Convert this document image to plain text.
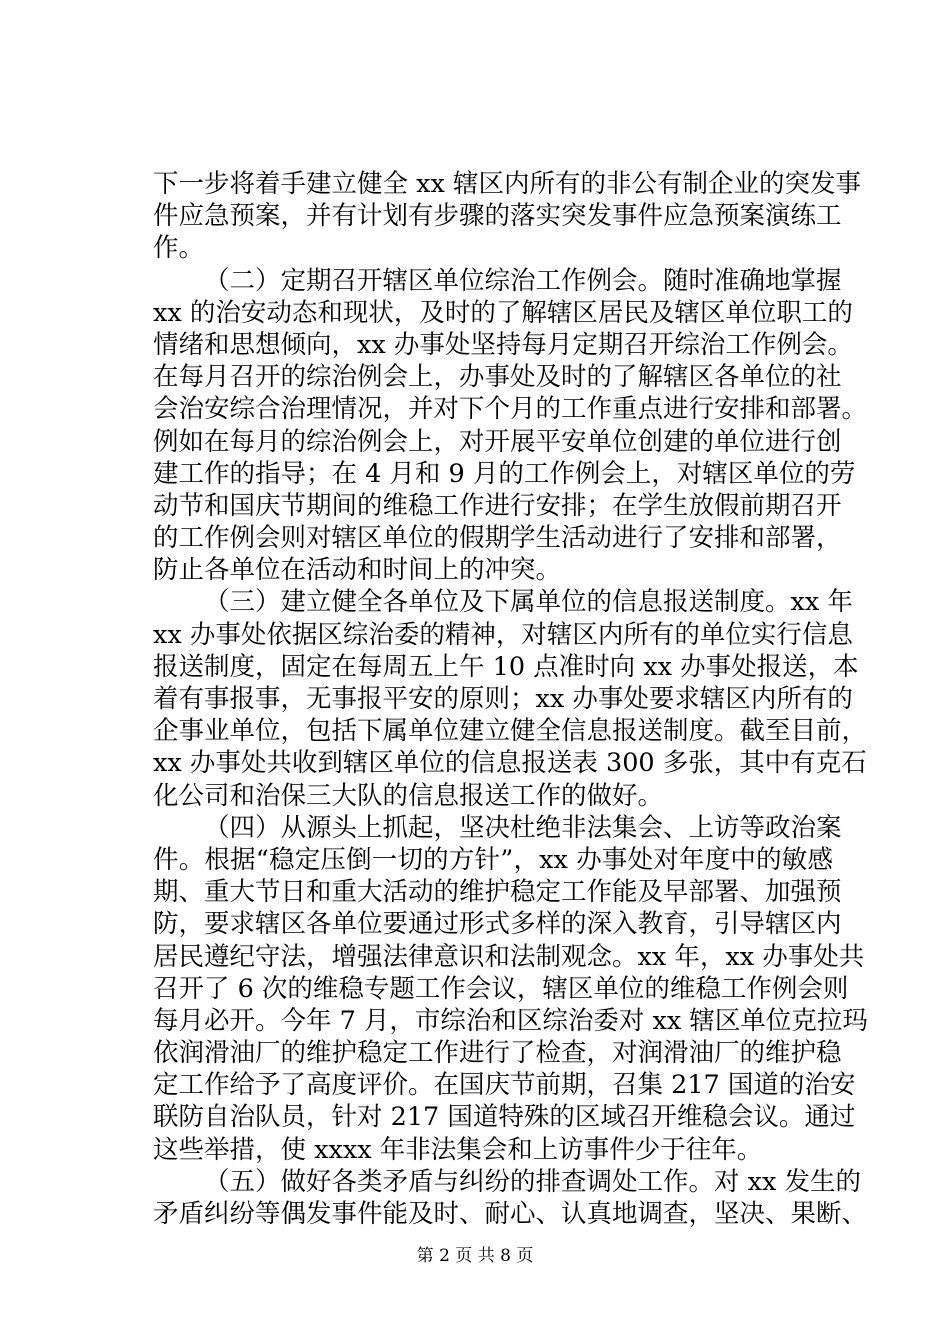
下一步将着手建立健全 xx 辖区内所有的非公有制企业的突发事
件应急预案，并有计划有步骤的落实突发事件应急预案演练工
作。
（二）定期召开辖区单位综治工作例会。随时准确地掌握
xx 的治安动态和现状，及时的了解辖区居民及辖区单位职工的
情绪和思想倾向，xx 办事处坚持每月定期召开综治工作例会。
在每月召开的综治例会上，办事处及时的了解辖区各单位的社
会治安综合治理情况，并对下个月的工作重点进行安排和部署。
例如在每月的综治例会上，对开展平安单位创建的单位进行创
建工作的指导；在 4 月和 9 月的工作例会上，对辖区单位的劳
动节和国庆节期间的维稳工作进行安排；在学生放假前期召开
的工作例会则对辖区单位的假期学生活动进行了安排和部署，
防止各单位在活动和时间上的冲突。
（三）建立健全各单位及下属单位的信息报送制度。xx 年
xx 办事处依据区综治委的精神，对辖区内所有的单位实行信息
报送制度，固定在每周五上午 10 点准时向 xx 办事处报送，本
着有事报事，无事报平安的原则；xx 办事处要求辖区内所有的
企事业单位，包括下属单位建立健全信息报送制度。截至目前，
xx 办事处共收到辖区单位的信息报送表 300 多张，其中有克石
化公司和治保三大队的信息报送工作的做好。
（四）从源头上抓起，坚决杜绝非法集会、上访等政治案
件。根据“稳定压倒一切的方针”，xx 办事处对年度中的敏感
期、重大节日和重大活动的维护稳定工作能及早部署、加强预
防，要求辖区各单位要通过形式多样的深入教育，引导辖区内
居民遵纪守法，增强法律意识和法制观念。xx 年，xx 办事处共
召开了 6 次的维稳专题工作会议，辖区单位的维稳工作例会则
每月必开。今年 7 月，市综治和区综治委对 xx 辖区单位克拉玛
依润滑油厂的维护稳定工作进行了检查，对润滑油厂的维护稳
定工作给予了高度评价。在国庆节前期，召集 217 国道的治安
联防自治队员，针对 217 国道特殊的区域召开维稳会议。通过
这些举措，使 xxxx 年非法集会和上访事件少于往年。
（五）做好各类矛盾与纠纷的排查调处工作。对 xx 发生的
矛盾纠纷等偶发事件能及时、耐心、认真地调查，坚决、果断、
第 2 页 共 8 页
